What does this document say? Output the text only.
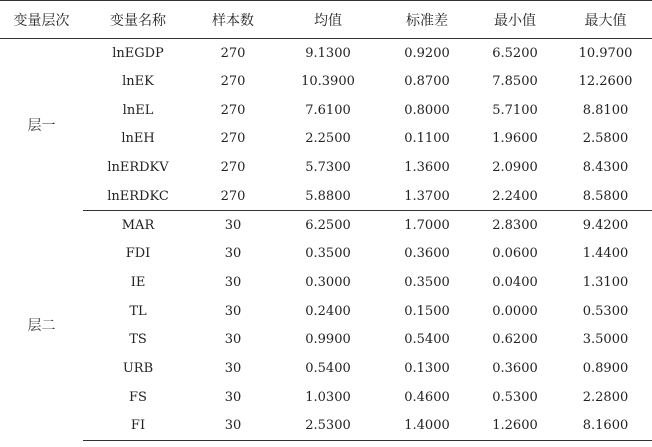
变量层次	变量名称	样本数	均值	标准差	最小值	最大值
层一	lnEGDP	270	9.1300	0.9200	6.5200	10.9700
	lnEK	270	10.3900	0.8700	7.8500	12.2600
	lnEL	270	7.6100	0.8000	5.7100	8.8100
	lnEH	270	2.2500	0.1100	1.9600	2.5800
	lnERDKV	270	5.7300	1.3600	2.0900	8.4300
	lnERDKC	270	5.8800	1.3700	2.2400	8.5800
层二	MAR	30	6.2500	1.7000	2.8300	9.4200
	FDI	30	0.3500	0.3600	0.0600	1.4400
	IE	30	0.3000	0.3500	0.0400	1.3100
	TL	30	0.2400	0.1500	0.0000	0.5300
	TS	30	0.9900	0.5400	0.6200	3.5000
	URB	30	0.5400	0.1300	0.3600	0.8900
	FS	30	1.0300	0.4600	0.5300	2.2800
	FI	30	2.5300	1.4000	1.2600	8.1600
